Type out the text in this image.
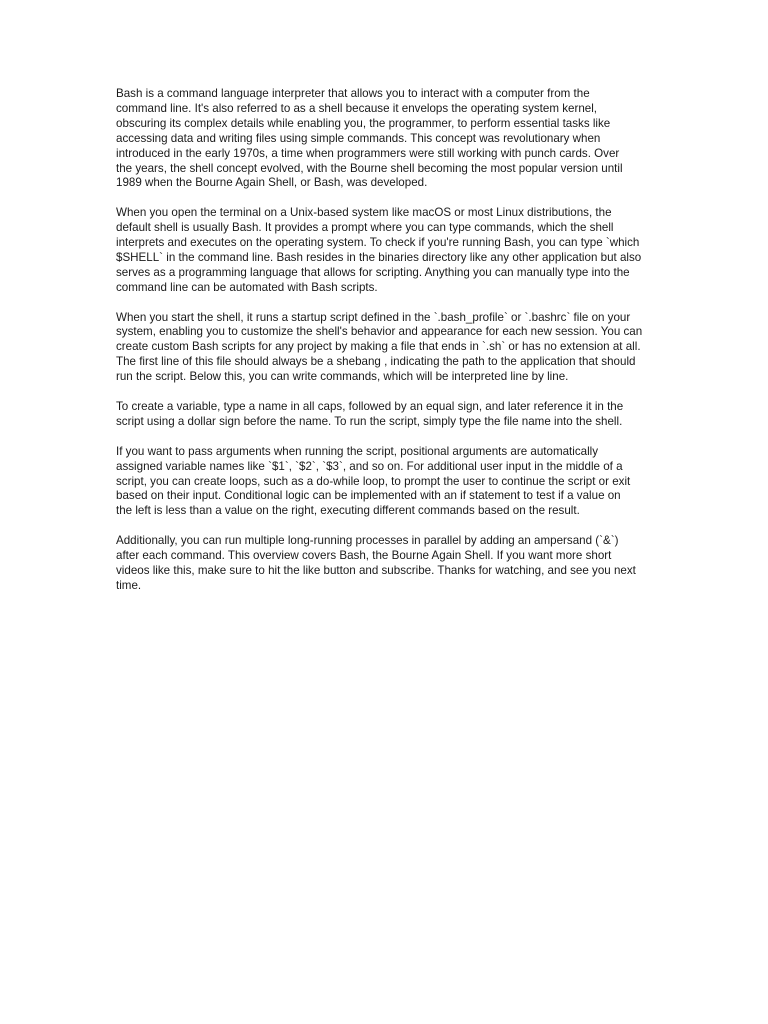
Bash is a command language interpreter that allows you to interact with a computer from the
command line. It's also referred to as a shell because it envelops the operating system kernel,
obscuring its complex details while enabling you, the programmer, to perform essential tasks like
accessing data and writing files using simple commands. This concept was revolutionary when
introduced in the early 1970s, a time when programmers were still working with punch cards. Over
the years, the shell concept evolved, with the Bourne shell becoming the most popular version until
1989 when the Bourne Again Shell, or Bash, was developed.

When you open the terminal on a Unix-based system like macOS or most Linux distributions, the
default shell is usually Bash. It provides a prompt where you can type commands, which the shell
interprets and executes on the operating system. To check if you're running Bash, you can type `which
$SHELL` in the command line. Bash resides in the binaries directory like any other application but also
serves as a programming language that allows for scripting. Anything you can manually type into the
command line can be automated with Bash scripts.

When you start the shell, it runs a startup script defined in the `.bash_profile` or `.bashrc` file on your
system, enabling you to customize the shell's behavior and appearance for each new session. You can
create custom Bash scripts for any project by making a file that ends in `.sh` or has no extension at all.
The first line of this file should always be a shebang , indicating the path to the application that should
run the script. Below this, you can write commands, which will be interpreted line by line.

To create a variable, type a name in all caps, followed by an equal sign, and later reference it in the
script using a dollar sign before the name. To run the script, simply type the file name into the shell.

If you want to pass arguments when running the script, positional arguments are automatically
assigned variable names like `$1`, `$2`, `$3`, and so on. For additional user input in the middle of a
script, you can create loops, such as a do-while loop, to prompt the user to continue the script or exit
based on their input. Conditional logic can be implemented with an if statement to test if a value on
the left is less than a value on the right, executing different commands based on the result.

Additionally, you can run multiple long-running processes in parallel by adding an ampersand (`&`)
after each command. This overview covers Bash, the Bourne Again Shell. If you want more short
videos like this, make sure to hit the like button and subscribe. Thanks for watching, and see you next
time.
